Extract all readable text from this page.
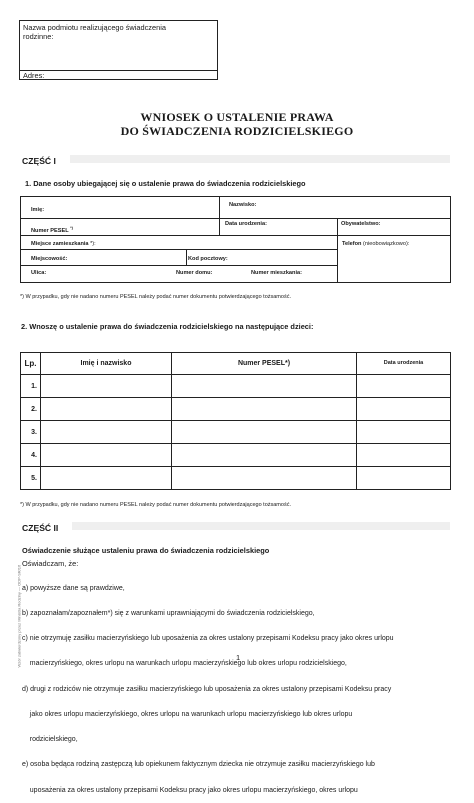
Nazwa podmiotu realizującego świadczenia rodzinne:
Adres:
WNIOSEK O USTALENIE PRAWA
DO ŚWIADCZENIA RODZICIELSKIEGO
CZĘŚĆ I
1. Dane osoby ubiegającej się o ustalenie prawa do świadczenia rodzicielskiego
Imię:
Nazwisko:
Numer PESEL *)
Data urodzenia:	Obywatelstwo:
Miejsce zamieszkania *):	Telefon (nieobowiązkowo):
Miejscowość:	Kod pocztowy:
Ulica:	Numer domu:	Numer mieszkania:
*) W przypadku, gdy nie nadano numeru PESEL należy podać numer dokumentu potwierdzającego tożsamość.
2. Wnoszę o ustalenie prawa do świadczenia rodzicielskiego na następujące dzieci:
Lp.	Imię i nazwisko	Numer PESEL*)	Data urodzenia
1.			
2.			
3.			
4.			
5.			
*) W przypadku, gdy nie nadano numeru PESEL należy podać numer dokumentu potwierdzającego tożsamość.
CZĘŚĆ II
Oświadczenie służące ustaleniu prawa do świadczenia rodzicielskiego
Oświadczam, że:

a) powyższe dane są prawdziwe,

b) zapoznałam/zapoznałem*) się z warunkami uprawniającymi do świadczenia rodzicielskiego,

c) nie otrzymuję zasiłku macierzyńskiego lub uposażenia za okres ustalony przepisami Kodeksu pracy jako okres urlopu

macierzyńskiego, okres urlopu na warunkach urlopu macierzyńskiego lub okres urlopu rodzicielskiego,

d) drugi z rodziców nie otrzymuje zasiłku macierzyńskiego lub uposażenia za okres ustalony przepisami Kodeksu pracy

jako okres urlopu macierzyńskiego, okres urlopu na warunkach urlopu macierzyńskiego lub okres urlopu

rodzicielskiego,

e) osoba będąca rodziną zastępczą lub opiekunem faktycznym dziecka nie otrzymuje zasiłku macierzyńskiego lub

uposażenia za okres ustalony przepisami Kodeksu pracy jako okres urlopu macierzyńskiego, okres urlopu

1
Wzór zatwierdzony przez Ministra Rodziny — ODP-SR/16
